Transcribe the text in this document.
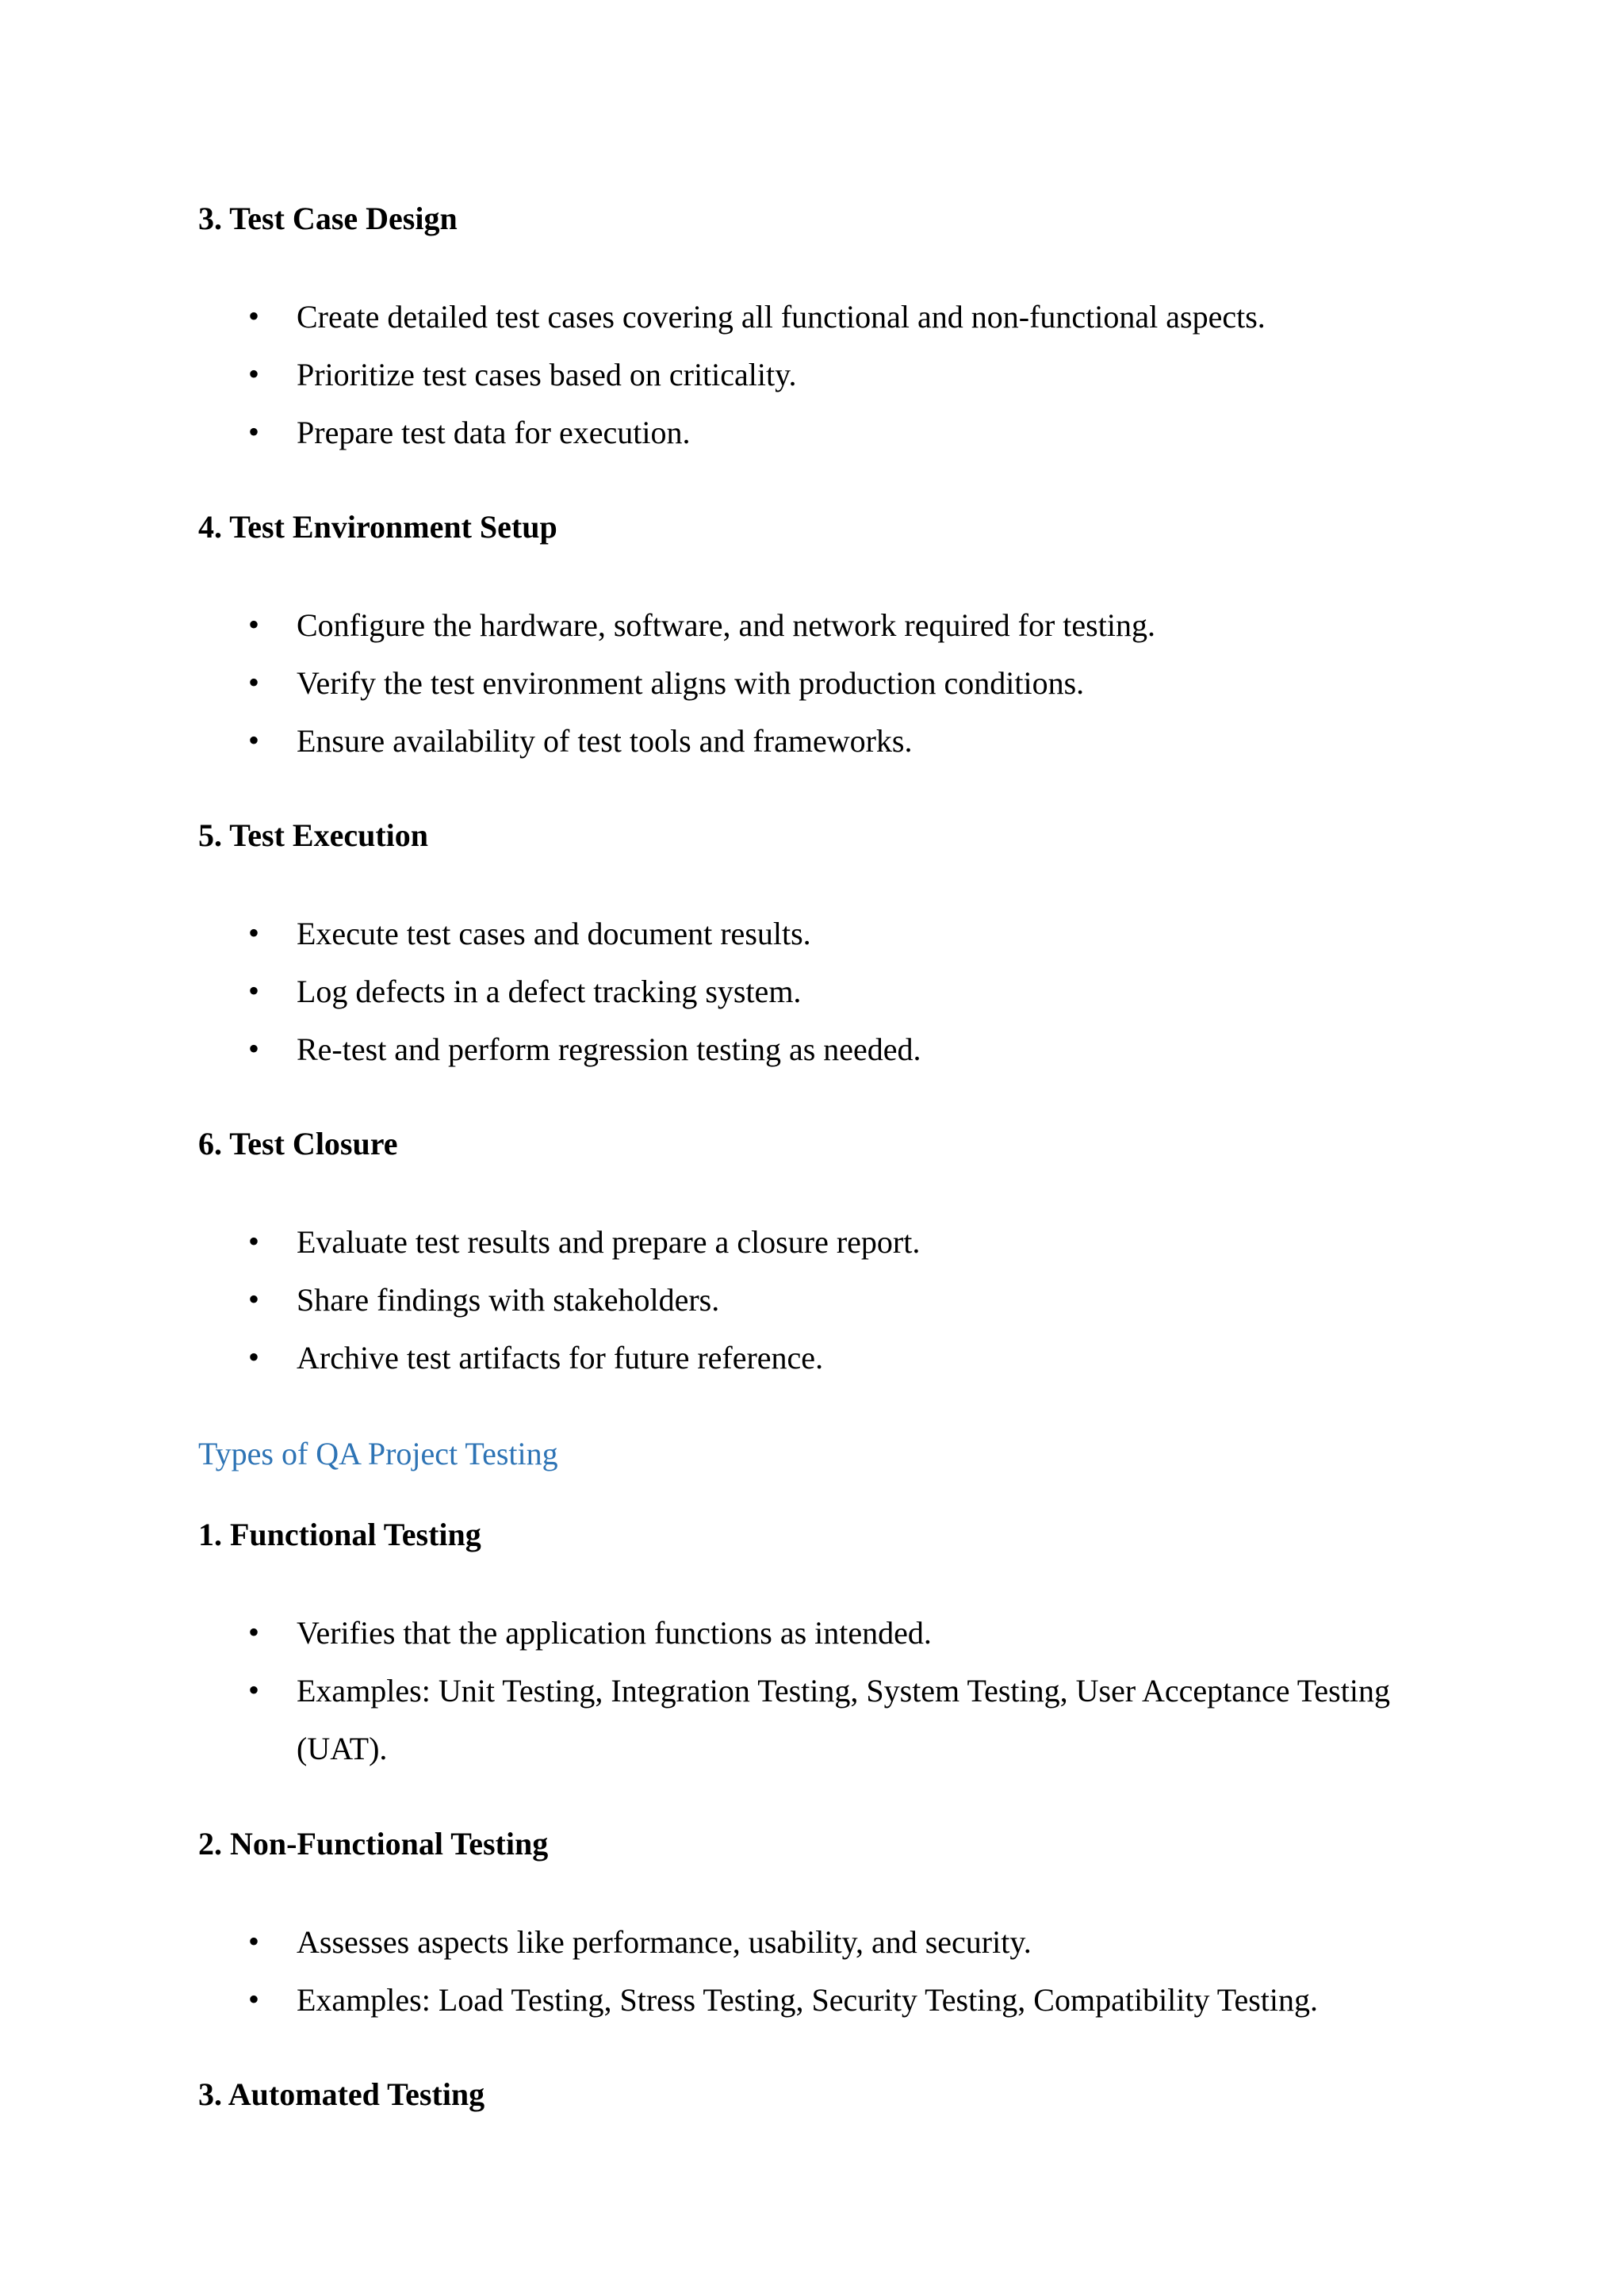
3. Test Case Design
• Create detailed test cases covering all functional and non-functional aspects.
• Prioritize test cases based on criticality.
• Prepare test data for execution.
4. Test Environment Setup
• Configure the hardware, software, and network required for testing.
• Verify the test environment aligns with production conditions.
• Ensure availability of test tools and frameworks.
5. Test Execution
• Execute test cases and document results.
• Log defects in a defect tracking system.
• Re-test and perform regression testing as needed.
6. Test Closure
• Evaluate test results and prepare a closure report.
• Share findings with stakeholders.
• Archive test artifacts for future reference.
Types of QA Project Testing
1. Functional Testing
• Verifies that the application functions as intended.
• Examples: Unit Testing, Integration Testing, System Testing, User Acceptance Testing (UAT).
2. Non-Functional Testing
• Assesses aspects like performance, usability, and security.
• Examples: Load Testing, Stress Testing, Security Testing, Compatibility Testing.
3. Automated Testing
